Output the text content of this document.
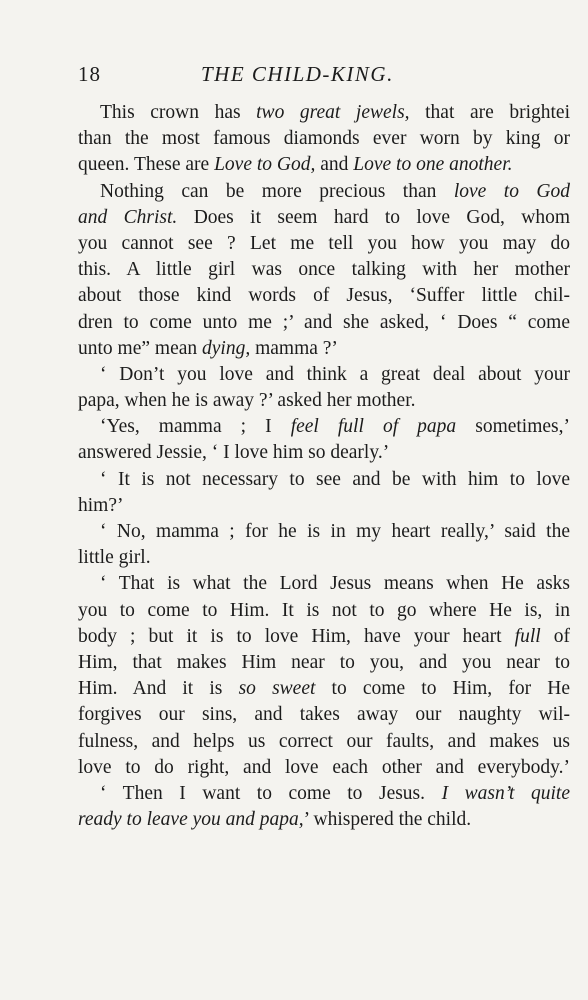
18	THE CHILD-KING.
This crown has two great jewels, that are brightei
than the most famous diamonds ever worn by king or
queen. These are Love to God, and Love to one another.
Nothing can be more precious than love to God
and Christ. Does it seem hard to love God, whom
you cannot see ? Let me tell you how you may do
this. A little girl was once talking with her mother
about those kind words of Jesus, ‘Suffer little chil-
dren to come unto me ;’ and she asked, ‘ Does “ come
unto me” mean dying, mamma ?’
‘ Don’t you love and think a great deal about your
papa, when he is away ?’ asked her mother.
‘Yes, mamma ; I feel full of papa sometimes,’
answered Jessie, ‘ I love him so dearly.’
‘ It is not necessary to see and be with him to love
him?’
‘ No, mamma ; for he is in my heart really,’ said the
little girl.
‘ That is what the Lord Jesus means when He asks
you to come to Him. It is not to go where He is, in
body ; but it is to love Him, have your heart full of
Him, that makes Him near to you, and you near to
Him. And it is so sweet to come to Him, for He
forgives our sins, and takes away our naughty wil-
fulness, and helps us correct our faults, and makes us
love to do right, and love each other and everybody.’
‘ Then I want to come to Jesus. I wasn’t quite
ready to leave you and papa,’ whispered the child.
